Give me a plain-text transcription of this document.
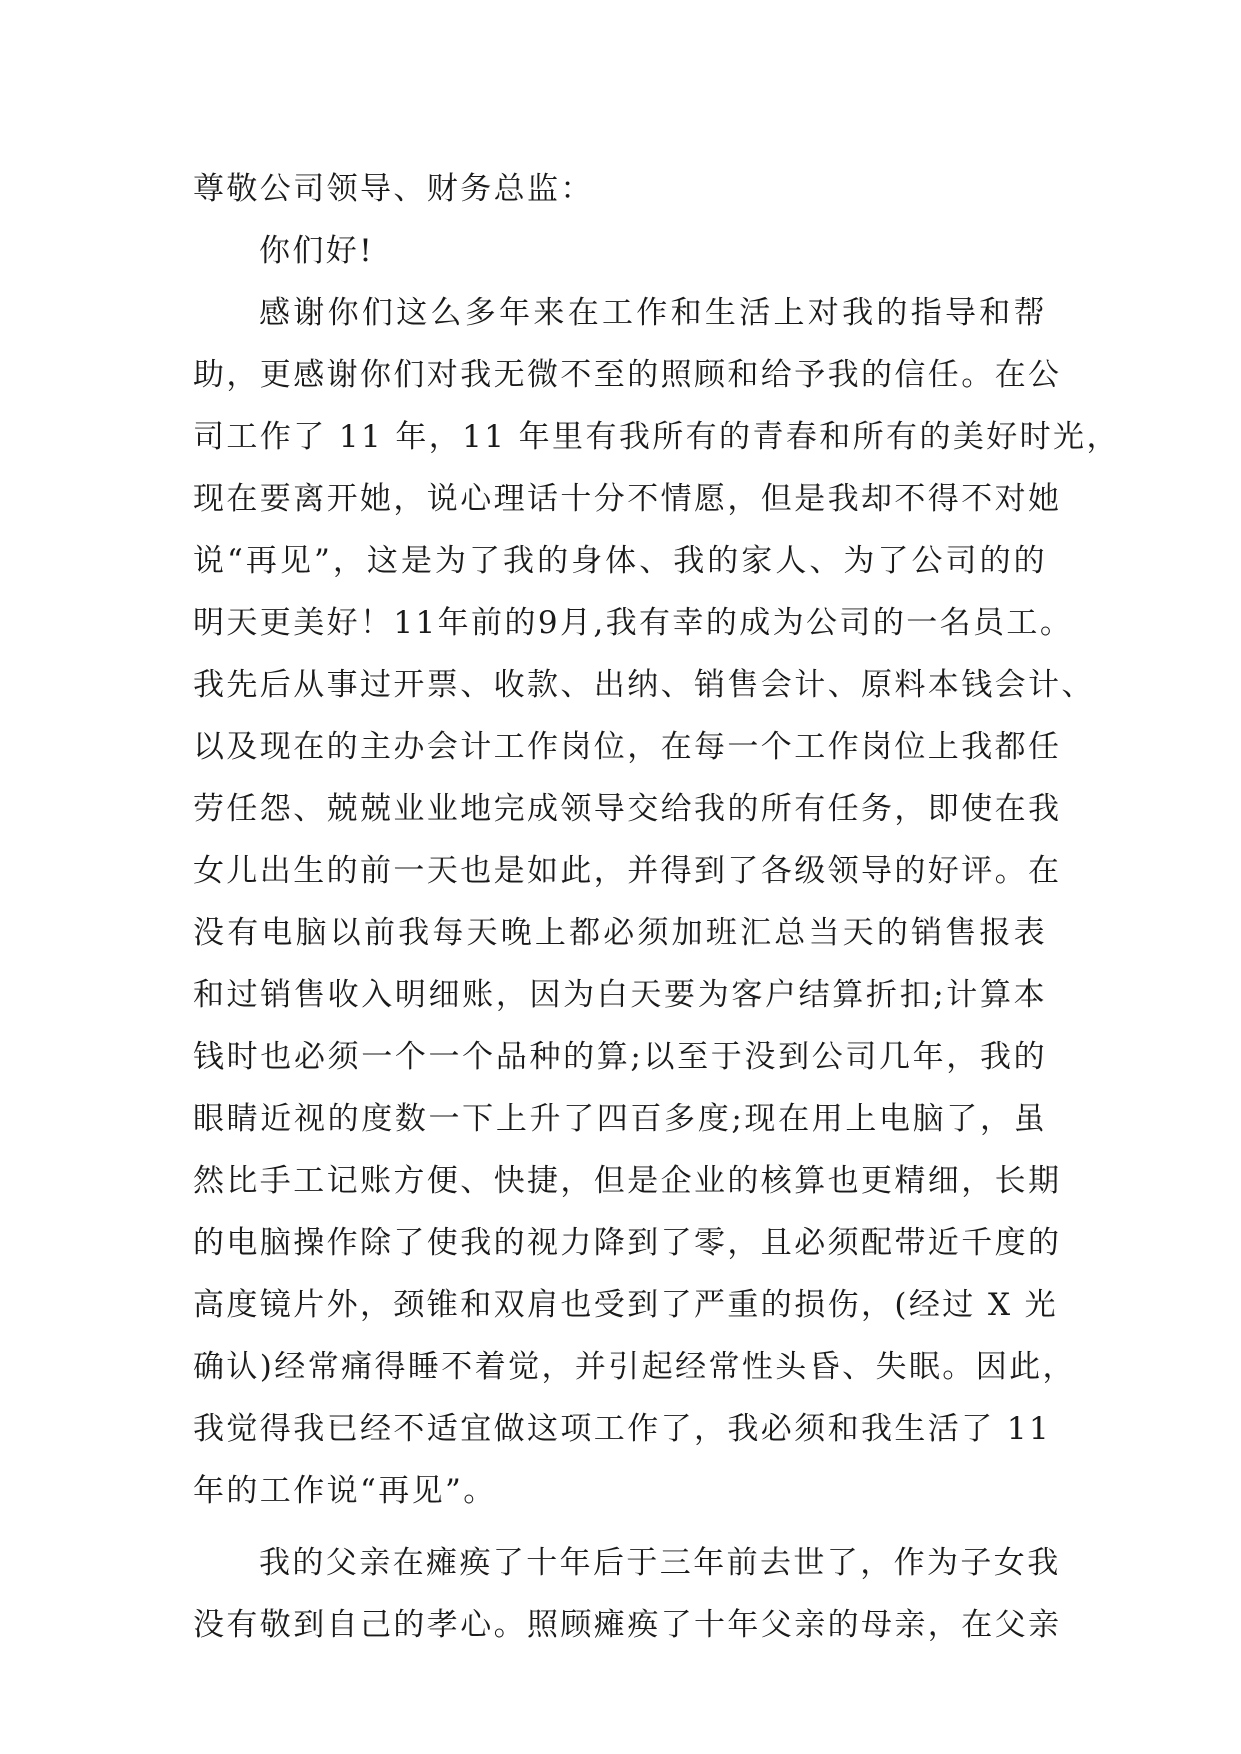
尊敬公司领导、财务总监：
你们好!
感谢你们这么多年来在工作和生活上对我的指导和帮
助，更感谢你们对我无微不至的照顾和给予我的信任。在公
司工作了 11 年，11 年里有我所有的青春和所有的美好时光，
现在要离开她，说心理话十分不情愿，但是我却不得不对她
说“再见”，这是为了我的身体、我的家人、为了公司的的
明天更美好！11年前的9月,我有幸的成为公司的一名员工。
我先后从事过开票、收款、出纳、销售会计、原料本钱会计、
以及现在的主办会计工作岗位，在每一个工作岗位上我都任
劳任怨、兢兢业业地完成领导交给我的所有任务，即使在我
女儿出生的前一天也是如此，并得到了各级领导的好评。在
没有电脑以前我每天晚上都必须加班汇总当天的销售报表
和过销售收入明细账，因为白天要为客户结算折扣;计算本
钱时也必须一个一个品种的算;以至于没到公司几年，我的
眼睛近视的度数一下上升了四百多度;现在用上电脑了，虽
然比手工记账方便、快捷，但是企业的核算也更精细，长期
的电脑操作除了使我的视力降到了零，且必须配带近千度的
高度镜片外，颈锥和双肩也受到了严重的损伤，(经过 X 光
确认)经常痛得睡不着觉，并引起经常性头昏、失眠。因此，
我觉得我已经不适宜做这项工作了，我必须和我生活了 11
年的工作说“再见”。
我的父亲在瘫痪了十年后于三年前去世了，作为子女我
没有敬到自己的孝心。照顾瘫痪了十年父亲的母亲，在父亲
